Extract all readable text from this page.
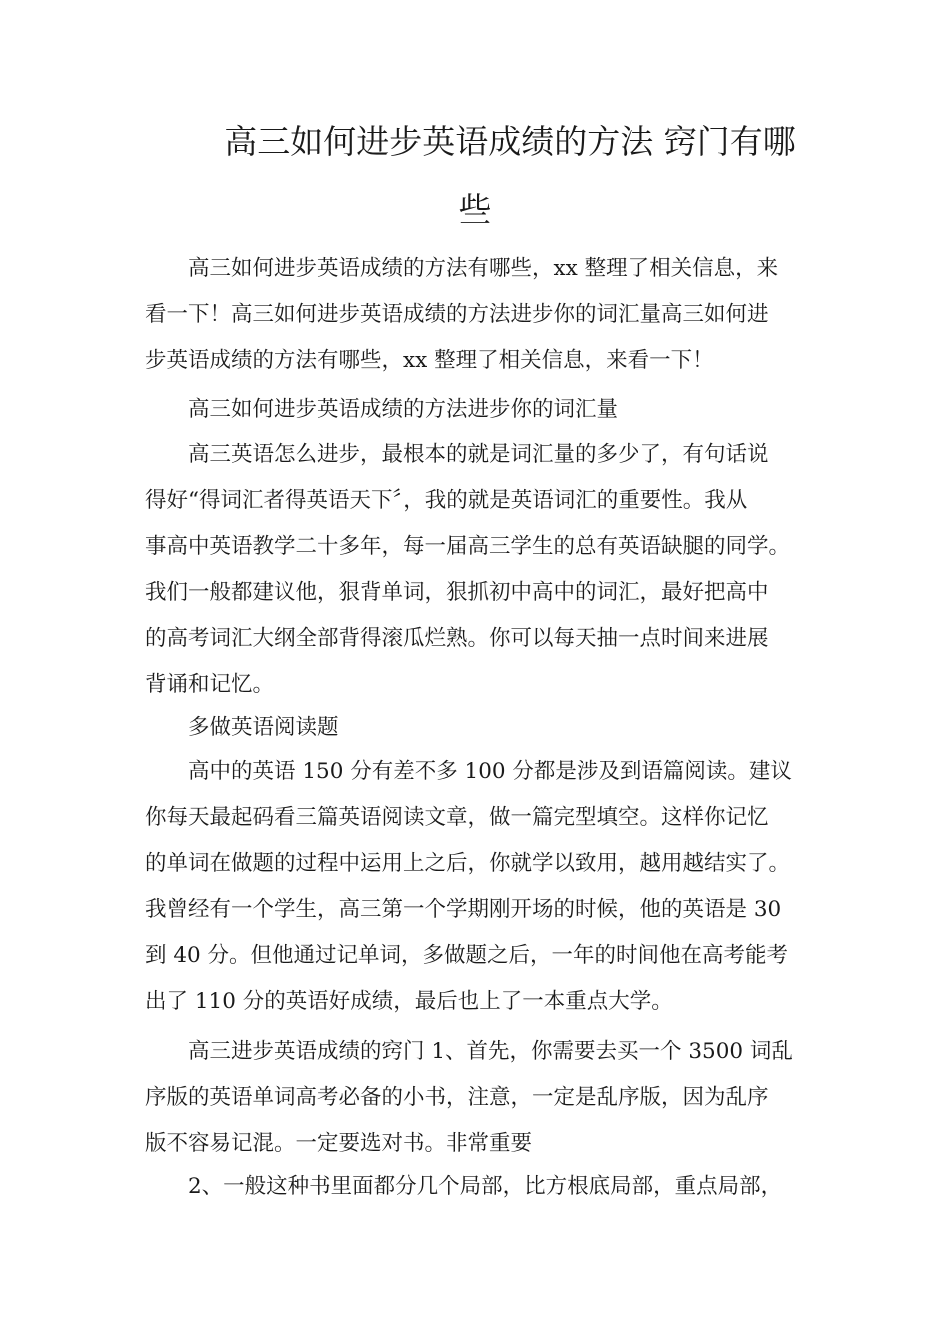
高三如何进步英语成绩的方法 窍门有哪
些
高三如何进步英语成绩的方法有哪些，xx 整理了相关信息，来
看一下！高三如何进步英语成绩的方法进步你的词汇量高三如何进
步英语成绩的方法有哪些，xx 整理了相关信息，来看一下！
高三如何进步英语成绩的方法进步你的词汇量
高三英语怎么进步，最根本的就是词汇量的多少了，有句话说
得好“得词汇者得英语天下〞，我的就是英语词汇的重要性。我从
事高中英语教学二十多年，每一届高三学生的总有英语缺腿的同学。
我们一般都建议他，狠背单词，狠抓初中高中的词汇，最好把高中
的高考词汇大纲全部背得滚瓜烂熟。你可以每天抽一点时间来进展
背诵和记忆。
多做英语阅读题
高中的英语 150 分有差不多 100 分都是涉及到语篇阅读。建议
你每天最起码看三篇英语阅读文章，做一篇完型填空。这样你记忆
的单词在做题的过程中运用上之后，你就学以致用，越用越结实了。
我曾经有一个学生，高三第一个学期刚开场的时候，他的英语是 30
到 40 分。但他通过记单词，多做题之后，一年的时间他在高考能考
出了 110 分的英语好成绩，最后也上了一本重点大学。
高三进步英语成绩的窍门 1、首先，你需要去买一个 3500 词乱
序版的英语单词高考必备的小书，注意，一定是乱序版，因为乱序
版不容易记混。一定要选对书。非常重要
2、一般这种书里面都分几个局部，比方根底局部，重点局部，
